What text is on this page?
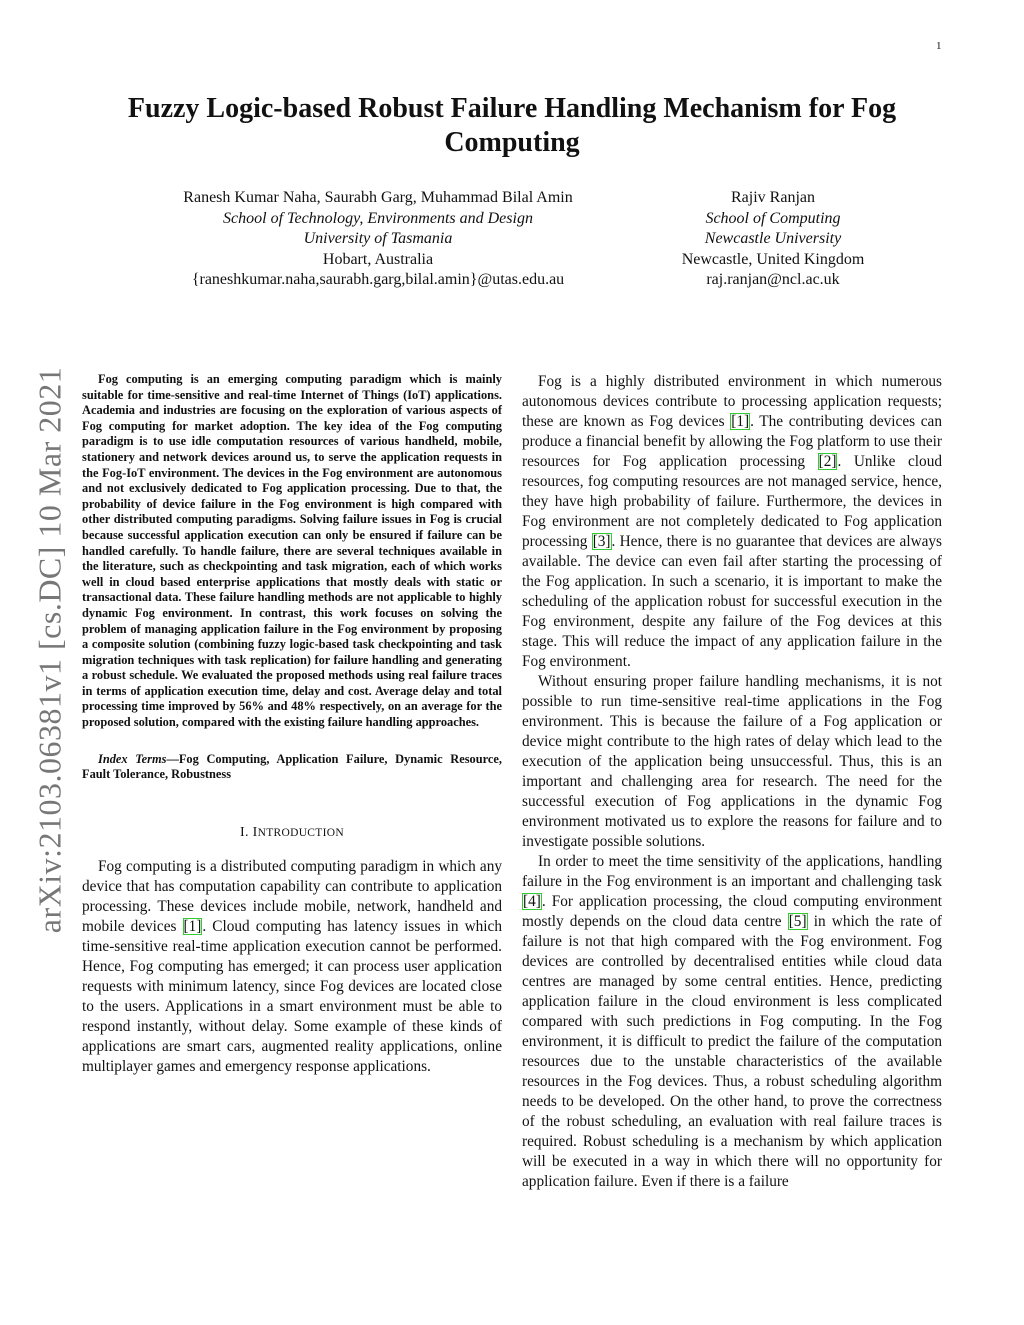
1
arXiv:2103.06381v1 [cs.DC] 10 Mar 2021
Fuzzy Logic-based Robust Failure Handling Mechanism for Fog Computing
Ranesh Kumar Naha, Saurabh Garg, Muhammad Bilal Amin
School of Technology, Environments and Design
University of Tasmania
Hobart, Australia
{raneshkumar.naha,saurabh.garg,bilal.amin}@utas.edu.au
Rajiv Ranjan
School of Computing
Newcastle University
Newcastle, United Kingdom
raj.ranjan@ncl.ac.uk

Fog computing is an emerging computing paradigm which is mainly suitable for time-sensitive and real-time Internet of Things (IoT) applications. Academia and industries are focusing on the exploration of various aspects of Fog computing for market adoption. The key idea of the Fog computing paradigm is to use idle computation resources of various handheld, mobile, stationery and network devices around us, to serve the application requests in the Fog-IoT environment. The devices in the Fog environment are autonomous and not exclusively dedicated to Fog application processing. Due to that, the probability of device failure in the Fog environment is high compared with other distributed computing paradigms. Solving failure issues in Fog is crucial because successful application execution can only be ensured if failure can be handled carefully. To handle failure, there are several techniques available in the literature, such as checkpointing and task migration, each of which works well in cloud based enterprise applications that mostly deals with static or transactional data. These failure handling methods are not applicable to highly dynamic Fog environment. In contrast, this work focuses on solving the problem of managing application failure in the Fog environment by proposing a composite solution (combining fuzzy logic-based task checkpointing and task migration techniques with task replication) for failure handling and generating a robust schedule. We evaluated the proposed methods using real failure traces in terms of application execution time, delay and cost. Average delay and total processing time improved by 56% and 48% respectively, on an average for the proposed solution, compared with the existing failure handling approaches.

Index Terms—Fog Computing, Application Failure, Dynamic Resource, Fault Tolerance, Robustness

I. INTRODUCTION

Fog computing is a distributed computing paradigm in which any device that has computation capability can contribute to application processing. These devices include mobile, network, handheld and mobile devices [1]. Cloud computing has latency issues in which time-sensitive real-time application execution cannot be performed. Hence, Fog computing has emerged; it can process user application requests with minimum latency, since Fog devices are located close to the users. Applications in a smart environment must be able to respond instantly, without delay. Some example of these kinds of applications are smart cars, augmented reality applications, online multiplayer games and emergency response applications.

Fog is a highly distributed environment in which numerous autonomous devices contribute to processing application requests; these are known as Fog devices [1]. The contributing devices can produce a financial benefit by allowing the Fog platform to use their resources for Fog application processing [2]. Unlike cloud resources, fog computing resources are not managed service, hence, they have high probability of failure. Furthermore, the devices in Fog environment are not completely dedicated to Fog application processing [3]. Hence, there is no guarantee that devices are always available. The device can even fail after starting the processing of the Fog application. In such a scenario, it is important to make the scheduling of the application robust for successful execution in the Fog environment, despite any failure of the Fog devices at this stage. This will reduce the impact of any application failure in the Fog environment.

Without ensuring proper failure handling mechanisms, it is not possible to run time-sensitive real-time applications in the Fog environment. This is because the failure of a Fog application or device might contribute to the high rates of delay which lead to the execution of the application being unsuccessful. Thus, this is an important and challenging area for research. The need for the successful execution of Fog applications in the dynamic Fog environment motivated us to explore the reasons for failure and to investigate possible solutions.

In order to meet the time sensitivity of the applications, handling failure in the Fog environment is an important and challenging task [4]. For application processing, the cloud computing environment mostly depends on the cloud data centre [5] in which the rate of failure is not that high compared with the Fog environment. Fog devices are controlled by decentralised entities while cloud data centres are managed by some central entities. Hence, predicting application failure in the cloud environment is less complicated compared with such predictions in Fog computing. In the Fog environment, it is difficult to predict the failure of the computation resources due to the unstable characteristics of the available resources in the Fog devices. Thus, a robust scheduling algorithm needs to be developed. On the other hand, to prove the correctness of the robust scheduling, an evaluation with real failure traces is required. Robust scheduling is a mechanism by which application will be executed in a way in which there will no opportunity for application failure. Even if there is a failure
